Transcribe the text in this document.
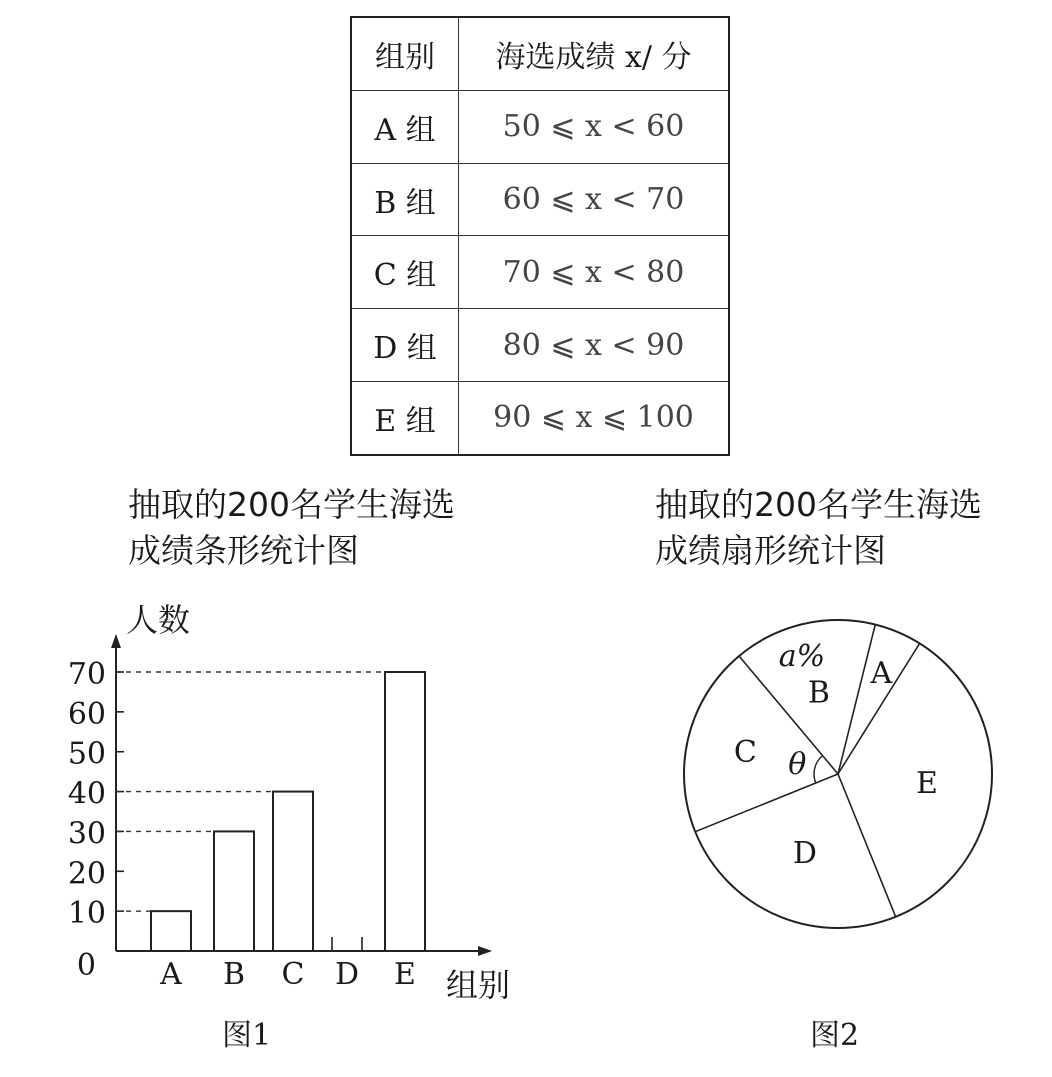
组别	海选成绩 x/ 分
A 组	50 ⩽ x < 60
B 组	60 ⩽ x < 70
C 组	70 ⩽ x < 80
D 组	80 ⩽ x < 90
E 组	90 ⩽ x ⩽ 100
抽取的200名学生海选
成绩条形统计图
抽取的200名学生海选
成绩扇形统计图
0
10
20
30
40
50
60
70
人数
组别
A B C D E
A
E
D
C
B
a%
θ
图1	图2
